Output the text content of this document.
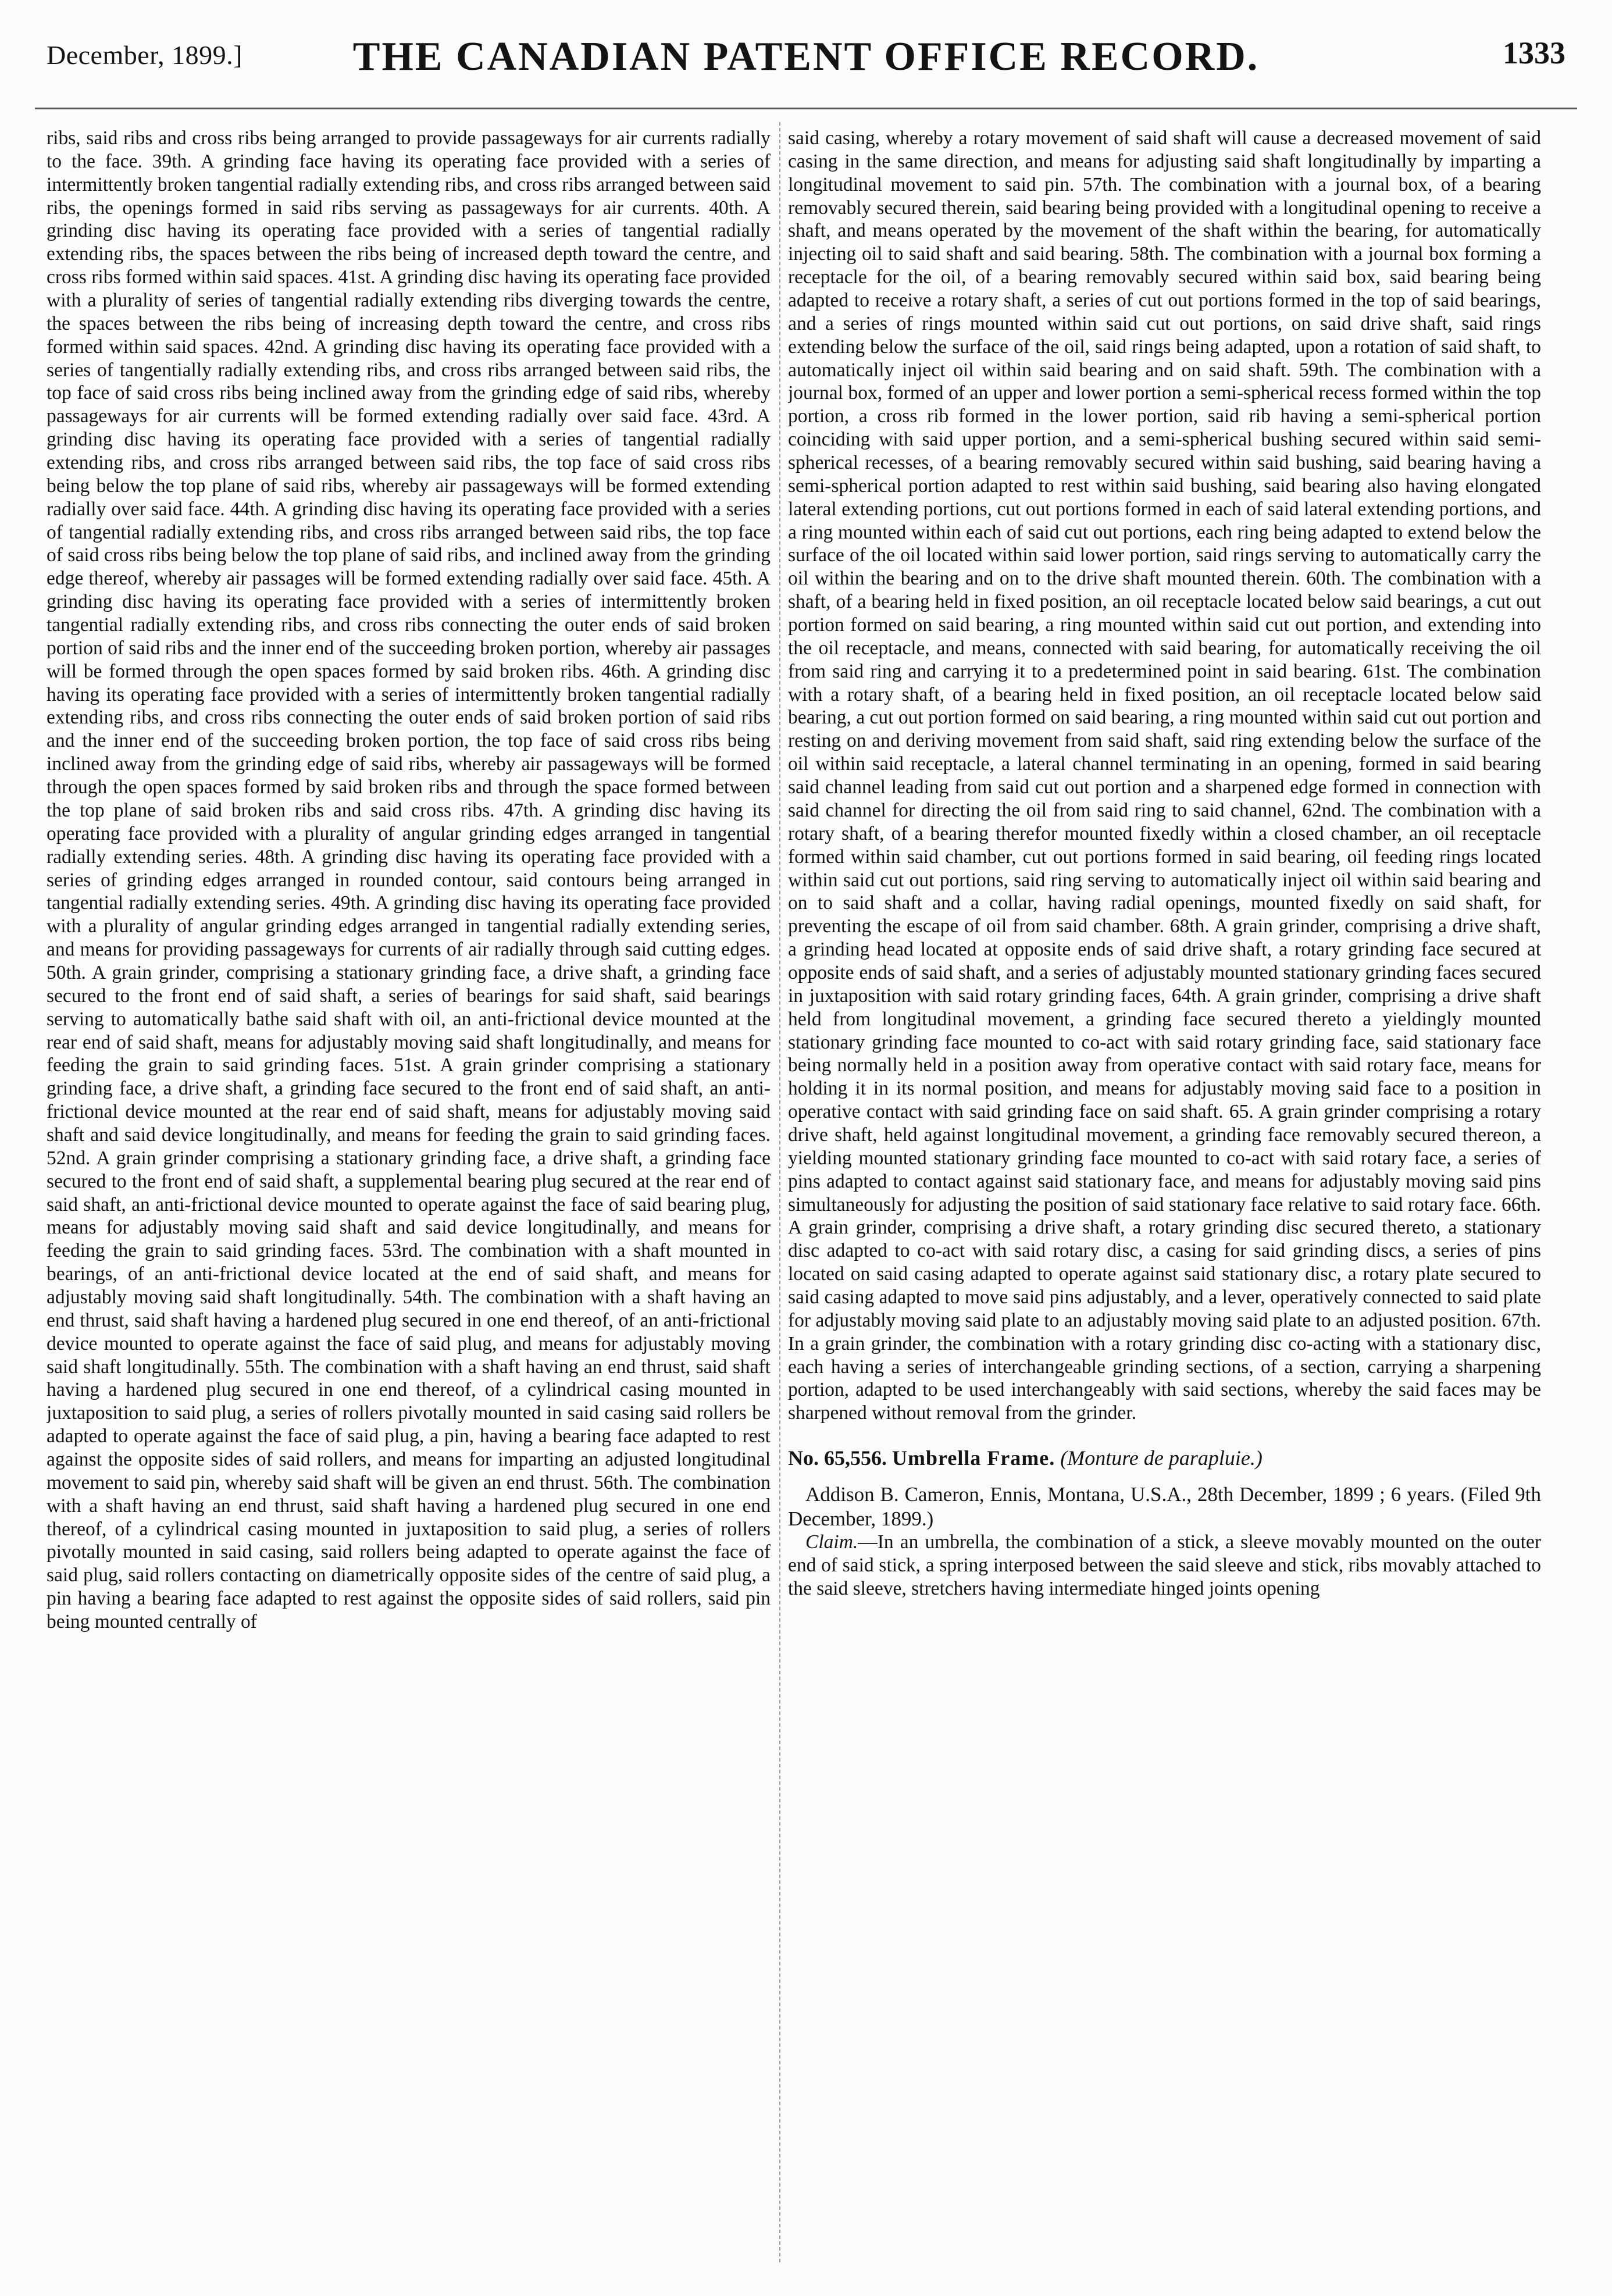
December, 1899.]	THE CANADIAN PATENT OFFICE RECORD.	1333

ribs, said ribs and cross ribs being arranged to provide passageways for air currents radially to the face. 39th. A grinding face having its operating face provided with a series of intermittently broken tangential radially extending ribs, and cross ribs arranged between said ribs, the openings formed in said ribs serving as passageways for air currents. 40th. A grinding disc having its operating face provided with a series of tangential radially extending ribs, the spaces between the ribs being of increased depth toward the centre, and cross ribs formed within said spaces. 41st. A grinding disc having its operating face provided with a plurality of series of tangential radially extending ribs diverging towards the centre, the spaces between the ribs being of increasing depth toward the centre, and cross ribs formed within said spaces. 42nd. A grinding disc having its operating face provided with a series of tangentially radially extending ribs, and cross ribs arranged between said ribs, the top face of said cross ribs being inclined away from the grinding edge of said ribs, whereby passageways for air currents will be formed extending radially over said face. 43rd. A grinding disc having its operating face provided with a series of tangential radially extending ribs, and cross ribs arranged between said ribs, the top face of said cross ribs being below the top plane of said ribs, whereby air passageways will be formed extending radially over said face. 44th. A grinding disc having its operating face provided with a series of tangential radially extending ribs, and cross ribs arranged between said ribs, the top face of said cross ribs being below the top plane of said ribs, and inclined away from the grinding edge thereof, whereby air passages will be formed extending radially over said face. 45th. A grinding disc having its operating face provided with a series of intermittently broken tangential radially extending ribs, and cross ribs connecting the outer ends of said broken portion of said ribs and the inner end of the succeeding broken portion, whereby air passages will be formed through the open spaces formed by said broken ribs. 46th. A grinding disc having its operating face provided with a series of intermittently broken tangential radially extending ribs, and cross ribs connecting the outer ends of said broken portion of said ribs and the inner end of the succeeding broken portion, the top face of said cross ribs being inclined away from the grinding edge of said ribs, whereby air passageways will be formed through the open spaces formed by said broken ribs and through the space formed between the top plane of said broken ribs and said cross ribs. 47th. A grinding disc having its operating face provided with a plurality of angular grinding edges arranged in tangential radially extending series. 48th. A grinding disc having its operating face provided with a series of grinding edges arranged in rounded contour, said contours being arranged in tangential radially extending series. 49th. A grinding disc having its operating face provided with a plurality of angular grinding edges arranged in tangential radially extending series, and means for providing passageways for currents of air radially through said cutting edges. 50th. A grain grinder, comprising a stationary grinding face, a drive shaft, a grinding face secured to the front end of said shaft, a series of bearings for said shaft, said bearings serving to automatically bathe said shaft with oil, an anti-frictional device mounted at the rear end of said shaft, means for adjustably moving said shaft longitudinally, and means for feeding the grain to said grinding faces. 51st. A grain grinder comprising a stationary grinding face, a drive shaft, a grinding face secured to the front end of said shaft, an anti-frictional device mounted at the rear end of said shaft, means for adjustably moving said shaft and said device longitudinally, and means for feeding the grain to said grinding faces. 52nd. A grain grinder comprising a stationary grinding face, a drive shaft, a grinding face secured to the front end of said shaft, a supplemental bearing plug secured at the rear end of said shaft, an anti-frictional device mounted to operate against the face of said bearing plug, means for adjustably moving said shaft and said device longitudinally, and means for feeding the grain to said grinding faces. 53rd. The combination with a shaft mounted in bearings, of an anti-frictional device located at the end of said shaft, and means for adjustably moving said shaft longitudinally. 54th. The combination with a shaft having an end thrust, said shaft having a hardened plug secured in one end thereof, of an anti-frictional device mounted to operate against the face of said plug, and means for adjustably moving said shaft longitudinally. 55th. The combination with a shaft having an end thrust, said shaft having a hardened plug secured in one end thereof, of a cylindrical casing mounted in juxtaposition to said plug, a series of rollers pivotally mounted in said casing said rollers be adapted to operate against the face of said plug, a pin, having a bearing face adapted to rest against the opposite sides of said rollers, and means for imparting an adjusted longitudinal movement to said pin, whereby said shaft will be given an end thrust. 56th. The combination with a shaft having an end thrust, said shaft having a hardened plug secured in one end thereof, of a cylindrical casing mounted in juxtaposition to said plug, a series of rollers pivotally mounted in said casing, said rollers being adapted to operate against the face of said plug, said rollers contacting on diametrically opposite sides of the centre of said plug, a pin having a bearing face adapted to rest against the opposite sides of said rollers, said pin being mounted centrally of

said casing, whereby a rotary movement of said shaft will cause a decreased movement of said casing in the same direction, and means for adjusting said shaft longitudinally by imparting a longitudinal movement to said pin. 57th. The combination with a journal box, of a bearing removably secured therein, said bearing being provided with a longitudinal opening to receive a shaft, and means operated by the movement of the shaft within the bearing, for automatically injecting oil to said shaft and said bearing. 58th. The combination with a journal box forming a receptacle for the oil, of a bearing removably secured within said box, said bearing being adapted to receive a rotary shaft, a series of cut out portions formed in the top of said bearings, and a series of rings mounted within said cut out portions, on said drive shaft, said rings extending below the surface of the oil, said rings being adapted, upon a rotation of said shaft, to automatically inject oil within said bearing and on said shaft. 59th. The combination with a journal box, formed of an upper and lower portion a semi-spherical recess formed within the top portion, a cross rib formed in the lower portion, said rib having a semi-spherical portion coinciding with said upper portion, and a semi-spherical bushing secured within said semi-spherical recesses, of a bearing removably secured within said bushing, said bearing having a semi-spherical portion adapted to rest within said bushing, said bearing also having elongated lateral extending portions, cut out portions formed in each of said lateral extending portions, and a ring mounted within each of said cut out portions, each ring being adapted to extend below the surface of the oil located within said lower portion, said rings serving to automatically carry the oil within the bearing and on to the drive shaft mounted therein. 60th. The combination with a shaft, of a bearing held in fixed position, an oil receptacle located below said bearings, a cut out portion formed on said bearing, a ring mounted within said cut out portion, and extending into the oil receptacle, and means, connected with said bearing, for automatically receiving the oil from said ring and carrying it to a predetermined point in said bearing. 61st. The combination with a rotary shaft, of a bearing held in fixed position, an oil receptacle located below said bearing, a cut out portion formed on said bearing, a ring mounted within said cut out portion and resting on and deriving movement from said shaft, said ring extending below the surface of the oil within said receptacle, a lateral channel terminating in an opening, formed in said bearing said channel leading from said cut out portion and a sharpened edge formed in connection with said channel for directing the oil from said ring to said channel, 62nd. The combination with a rotary shaft, of a bearing therefor mounted fixedly within a closed chamber, an oil receptacle formed within said chamber, cut out portions formed in said bearing, oil feeding rings located within said cut out portions, said ring serving to automatically inject oil within said bearing and on to said shaft and a collar, having radial openings, mounted fixedly on said shaft, for preventing the escape of oil from said chamber. 68th. A grain grinder, comprising a drive shaft, a grinding head located at opposite ends of said drive shaft, a rotary grinding face secured at opposite ends of said shaft, and a series of adjustably mounted stationary grinding faces secured in juxtaposition with said rotary grinding faces, 64th. A grain grinder, comprising a drive shaft held from longitudinal movement, a grinding face secured thereto a yieldingly mounted stationary grinding face mounted to co-act with said rotary grinding face, said stationary face being normally held in a position away from operative contact with said rotary face, means for holding it in its normal position, and means for adjustably moving said face to a position in operative contact with said grinding face on said shaft. 65. A grain grinder comprising a rotary drive shaft, held against longitudinal movement, a grinding face removably secured thereon, a yielding mounted stationary grinding face mounted to co-act with said rotary face, a series of pins adapted to contact against said stationary face, and means for adjustably moving said pins simultaneously for adjusting the position of said stationary face relative to said rotary face. 66th. A grain grinder, comprising a drive shaft, a rotary grinding disc secured thereto, a stationary disc adapted to co-act with said rotary disc, a casing for said grinding discs, a series of pins located on said casing adapted to operate against said stationary disc, a rotary plate secured to said casing adapted to move said pins adjustably, and a lever, operatively connected to said plate for adjustably moving said plate to an adjustably moving said plate to an adjusted position. 67th. In a grain grinder, the combination with a rotary grinding disc co-acting with a stationary disc, each having a series of interchangeable grinding sections, of a section, carrying a sharpening portion, adapted to be used interchangeably with said sections, whereby the said faces may be sharpened without removal from the grinder.

No. 65,556. Umbrella Frame. (Monture de parapluie.)

Addison B. Cameron, Ennis, Montana, U.S.A., 28th December, 1899 ; 6 years. (Filed 9th December, 1899.)

Claim.—In an umbrella, the combination of a stick, a sleeve movably mounted on the outer end of said stick, a spring interposed between the said sleeve and stick, ribs movably attached to the said sleeve, stretchers having intermediate hinged joints opening
